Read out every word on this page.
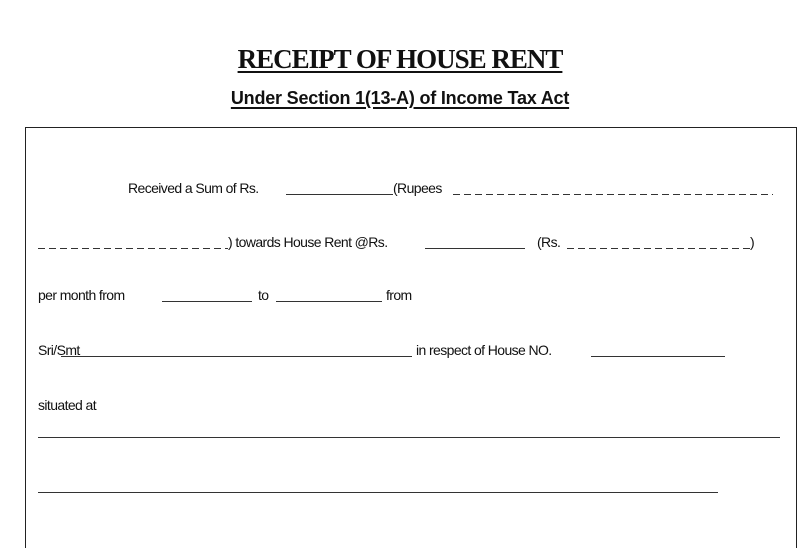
RECEIPT OF HOUSE RENT
Under Section 1(13-A) of Income Tax Act
Received a Sum of Rs.	(Rupees
) towards House Rent @Rs.	(Rs.	)
per month from	to	from
Sri/Smt	in respect of House NO.
situated at
